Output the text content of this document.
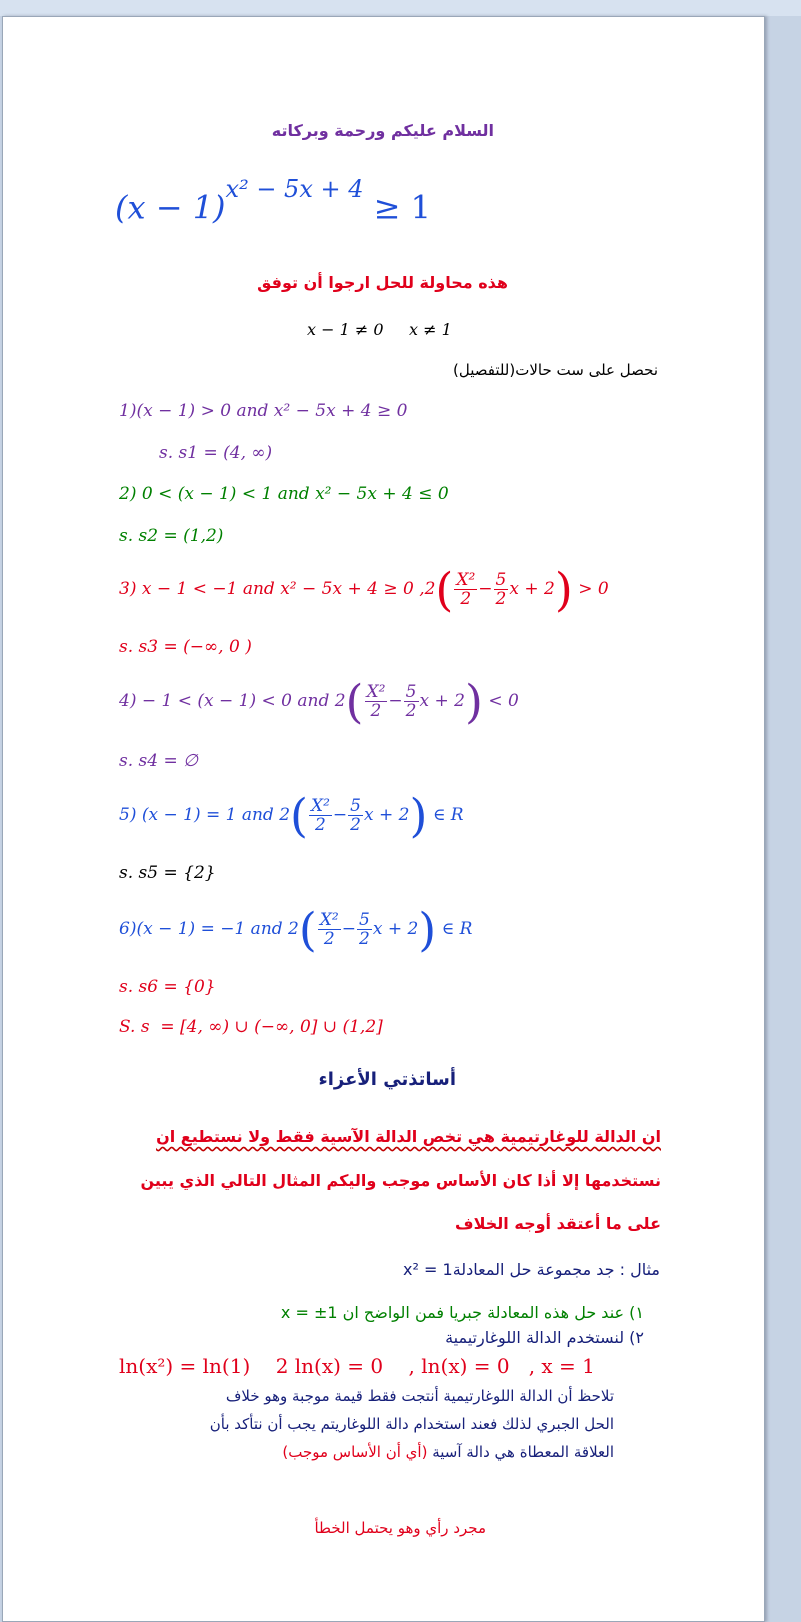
السلام عليكم ورحمة وبركاته
$(x - 1)^{x^2 - 5x + 4} \ge 1$
هذه محاولة للحل ارجوا أن توفق
x − 1 ≠ 0     x ≠ 1
نحصل على ست حالات(للتفصيل)
1)(x − 1) > 0 and x² − 5x + 4 ≥ 0
s. s1 = (4, ∞)
2) 0 < (x − 1) < 1 and x² − 5x + 4 ≤ 0
s. s2 = (1,2)
3) x − 1 < −1 and x² − 5x + 4 ≥ 0 $,2( \frac{\text{X²}}{2} - \frac{5}{2}$ x + 2) > 0
s. s3 = (−∞, 0 )
4) − 1 < (x − 1) < 0 and $2( \frac{\text{X²}}{2} - \frac{5}{2}$ x + 2) < 0
s. s4 = ∅
5) (x − 1) = 1 and $2( \frac{\text{X²}}{2} - \frac{5}{2}$ x + 2) ∈ R
s. s5 = {2}
6)(x − 1) = −1 and $2( \frac{\text{X²}}{2} - \frac{5}{2}$ x + 2) ∈ R
s. s6 = {0}
S. s  = [4, ∞) ∪ (−∞, 0] ∪ (1,2]
أساتذتي الأعزاء
ان الدالة للوغارتيمية هي تخص الدالة الآسية فقط ولا نستطيع ان
نستخدمها إلا أذا كان الأساس موجب واليكم المثال التالي الذي يبين
على ما أعتقد أوجه الخلاف
مثال : جد مجموعة حل المعادلة1 = x²
١) عند حل هذه المعادلة جبريا فمن الواضح ان 1± = x
٢) لنستخدم الدالة اللوغارتيمية
ln(x²) = ln(1)    2 ln(x) = 0    , ln(x) = 0   , x = 1
تلاحظ أن الدالة اللوغارتيمية أنتجت فقط قيمة موجبة وهو خلاف
الحل الجبري لذلك فعند استخدام دالة اللوغاريتم يجب أن نتأكد بأن
العلاقة المعطاة هي دالة آسية (أي أن الأساس موجب)
مجرد رأي وهو يحتمل الخطأ
